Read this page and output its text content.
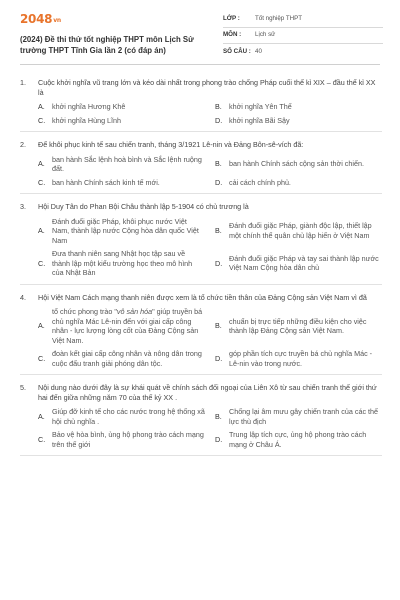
2048vn
(2024) Đề thi thử tốt nghiệp THPT môn Lịch Sử trường THPT Tĩnh Gia lần 2 (có đáp án)
LỚP :	Tốt nghiệp THPT
MÔN :	Lịch sử
SỐ CÂU : 40
1.	Cuộc khởi nghĩa vũ trang lớn và kéo dài nhất trong phong trào chống Pháp cuối thế kỉ XIX – đầu thế kỉ XX là
A.	khởi nghĩa Hương Khê	B.	khởi nghĩa Yên Thế
C. khởi nghĩa Hùng Lĩnh	D. khởi nghĩa Bãi Sậy
2.	Để khôi phục kinh tế sau chiến tranh, tháng 3/1921 Lê-nin và Đảng Bôn-sê-vích đã:
A.
ban hành Sắc lệnh hoà bình và Sắc lệnh ruộng đất.
B.	ban hành Chính sách cộng sản thời chiến.
C. ban hành Chính sách kinh tế mới.	D. cải cách chính phủ.
3.	Hội Duy Tân do Phan Bội Châu thành lập 5-1904 có chủ trương là
A.
Đánh đuổi giặc Pháp, khôi phục nước Việt Nam, thành lập nước Cộng hòa dân quốc Việt Nam
B.
Đánh đuổi giặc Pháp, giành độc lập, thiết lập một chính thể quân chủ lập hiến ở Việt Nam
C.
Đưa thanh niên sang Nhật học tập sau về thành lập một kiểu trường học theo mô hình của Nhật Bản
D.
Đánh đuổi giặc Pháp và tay sai thành lập nước Việt Nam Cộng hòa dân chủ
4.	Hội Việt Nam Cách mạng thanh niên được xem là tổ chức tiền thân của Đảng Cộng sản Việt Nam vì đã
A.
tổ chức phong trào "vô sản hóa" giúp truyền bá chủ nghĩa Mác Lê-nin đến với giai cấp công nhân - lực lượng lòng cốt của Đảng Cộng sản Việt Nam.
B.
chuẩn bị trực tiếp những điều kiện cho việc thành lập Đảng Cộng sản Việt Nam.
C.
đoàn kết giai cấp công nhân và nông dân trong cuộc đấu tranh giải phóng dân tộc.
D.
góp phần tích cực truyền bá chủ nghĩa Mác - Lê-nin vào trong nước.
5.	Nội dung nào dưới đây là sự khái quát về chính sách đối ngoại của Liên Xô từ sau chiến tranh thế giới thứ hai đến giữa những năm 70 của thế kỷ XX .
A.
Giúp đỡ kinh tế cho các nước trong hệ thống xã hội chủ nghĩa .
B.
Chống lại âm mưu gây chiến tranh của các thế lực thù địch
C.
Bảo vệ hòa bình, ủng hộ phong trào cách mạng trên thế giới
D.
Trung lập tích cực, ủng hộ phong trào cách mạng ở Châu Á.
